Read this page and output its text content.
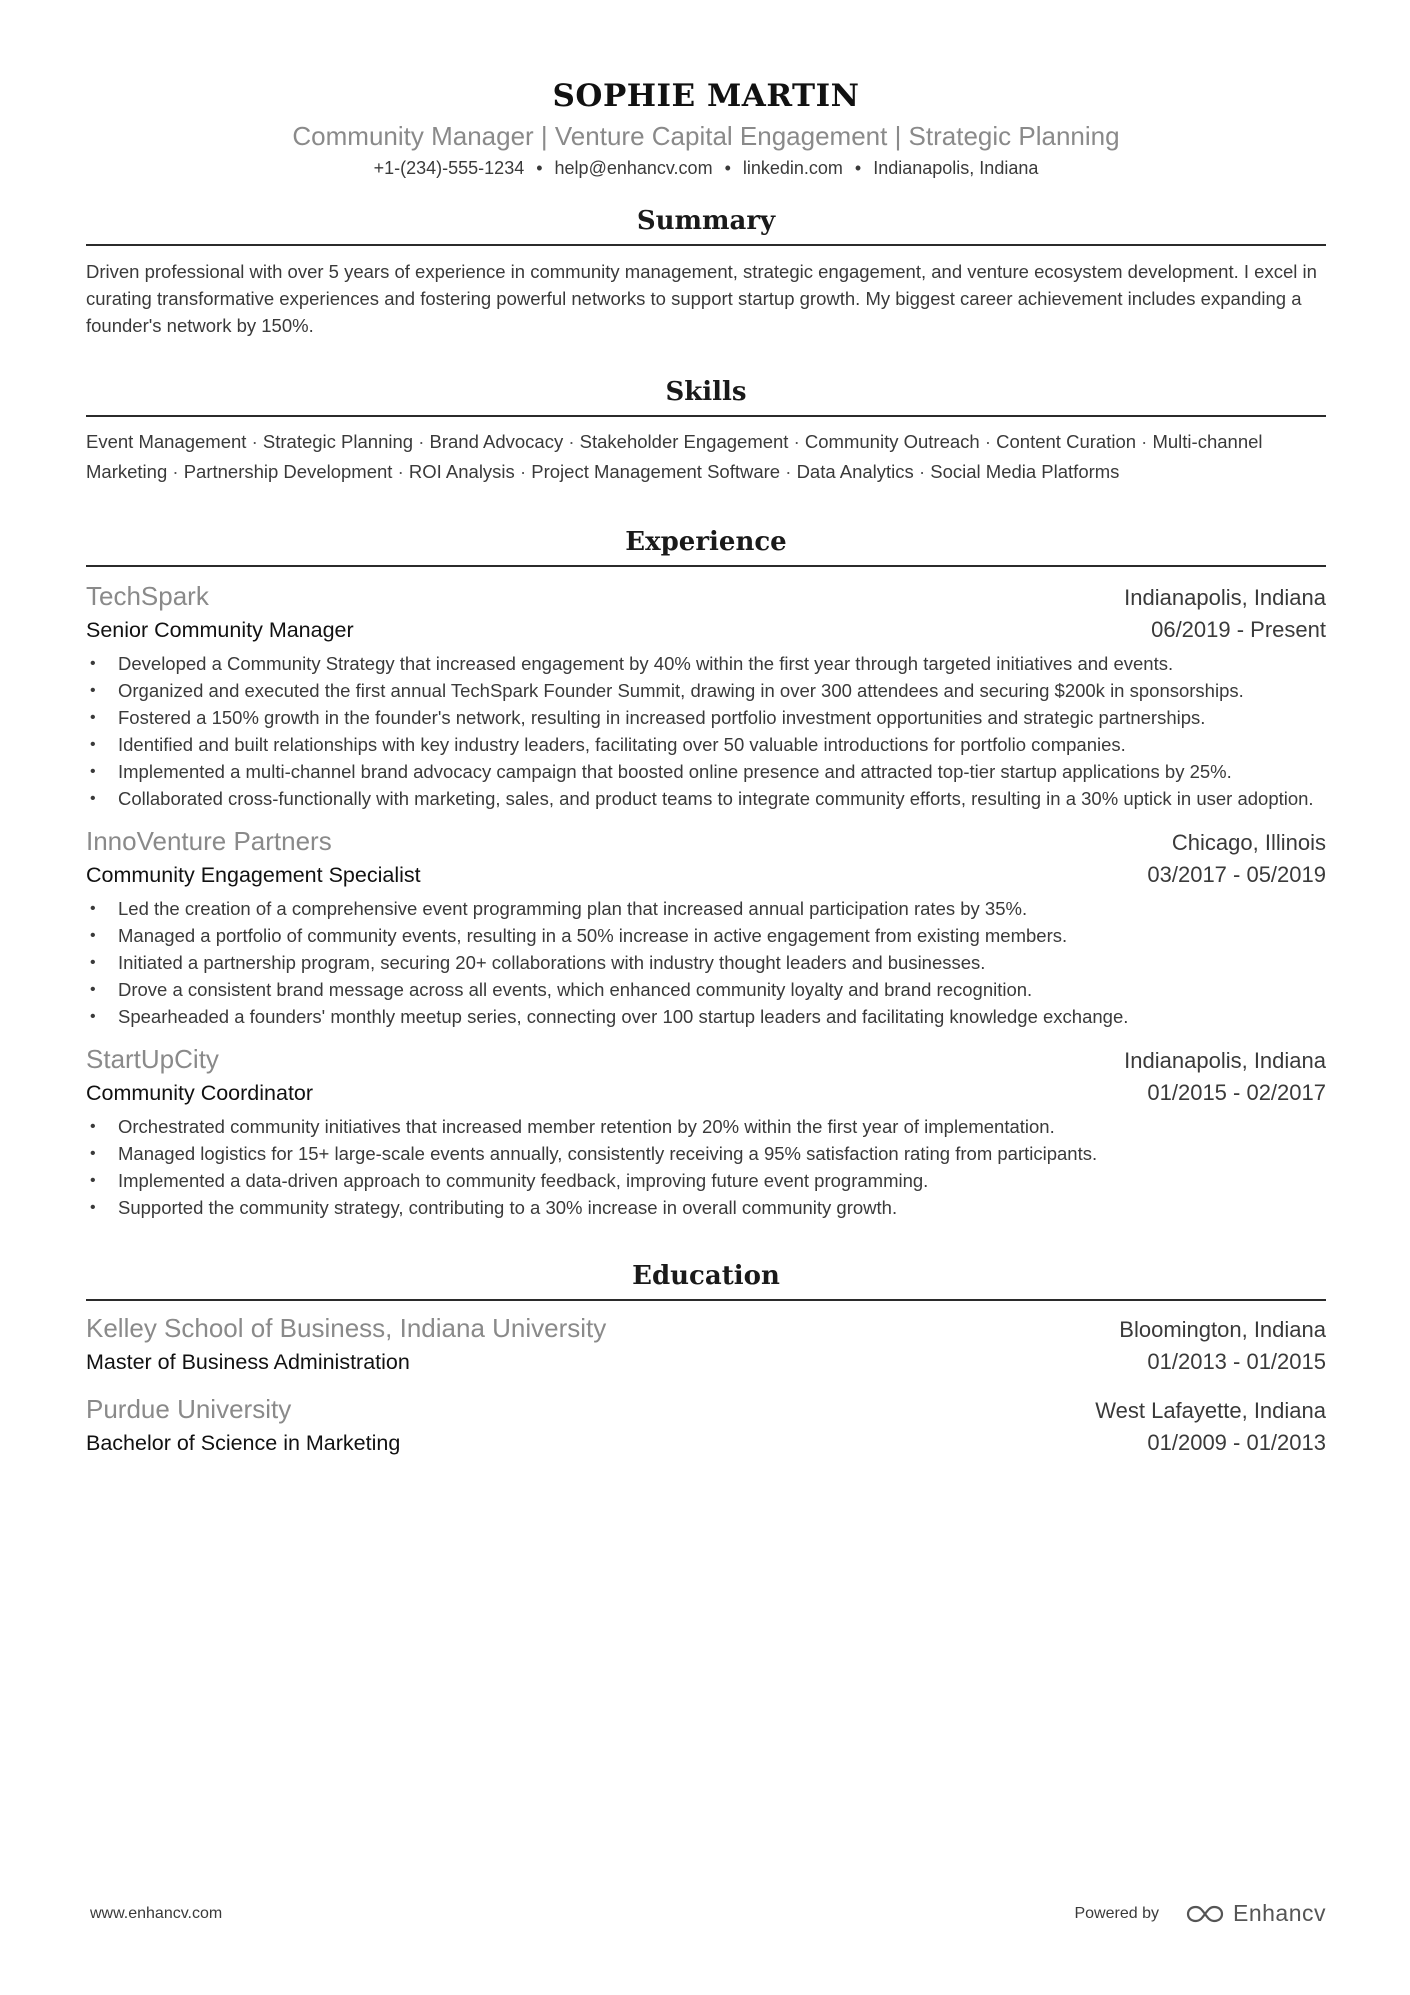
SOPHIE MARTIN
Community Manager | Venture Capital Engagement | Strategic Planning
+1-(234)-555-1234 • help@enhancv.com • linkedin.com • Indianapolis, Indiana
Summary
Driven professional with over 5 years of experience in community management, strategic engagement, and venture ecosystem development. I excel in curating transformative experiences and fostering powerful networks to support startup growth. My biggest career achievement includes expanding a founder's network by 150%.
Skills
Event Management · Strategic Planning · Brand Advocacy · Stakeholder Engagement · Community Outreach · Content Curation · Multi-channel Marketing · Partnership Development · ROI Analysis · Project Management Software · Data Analytics · Social Media Platforms
Experience
TechSpark	Indianapolis, Indiana
Senior Community Manager	06/2019 - Present
• Developed a Community Strategy that increased engagement by 40% within the first year through targeted initiatives and events.
• Organized and executed the first annual TechSpark Founder Summit, drawing in over 300 attendees and securing $200k in sponsorships.
• Fostered a 150% growth in the founder's network, resulting in increased portfolio investment opportunities and strategic partnerships.
• Identified and built relationships with key industry leaders, facilitating over 50 valuable introductions for portfolio companies.
• Implemented a multi-channel brand advocacy campaign that boosted online presence and attracted top-tier startup applications by 25%.
• Collaborated cross-functionally with marketing, sales, and product teams to integrate community efforts, resulting in a 30% uptick in user adoption.
InnoVenture Partners	Chicago, Illinois
Community Engagement Specialist	03/2017 - 05/2019
• Led the creation of a comprehensive event programming plan that increased annual participation rates by 35%.
• Managed a portfolio of community events, resulting in a 50% increase in active engagement from existing members.
• Initiated a partnership program, securing 20+ collaborations with industry thought leaders and businesses.
• Drove a consistent brand message across all events, which enhanced community loyalty and brand recognition.
• Spearheaded a founders' monthly meetup series, connecting over 100 startup leaders and facilitating knowledge exchange.
StartUpCity	Indianapolis, Indiana
Community Coordinator	01/2015 - 02/2017
• Orchestrated community initiatives that increased member retention by 20% within the first year of implementation.
• Managed logistics for 15+ large-scale events annually, consistently receiving a 95% satisfaction rating from participants.
• Implemented a data-driven approach to community feedback, improving future event programming.
• Supported the community strategy, contributing to a 30% increase in overall community growth.
Education
Kelley School of Business, Indiana University	Bloomington, Indiana
Master of Business Administration	01/2013 - 01/2015
Purdue University	West Lafayette, Indiana
Bachelor of Science in Marketing	01/2009 - 01/2013
www.enhancv.com	Powered by	Enhancv
